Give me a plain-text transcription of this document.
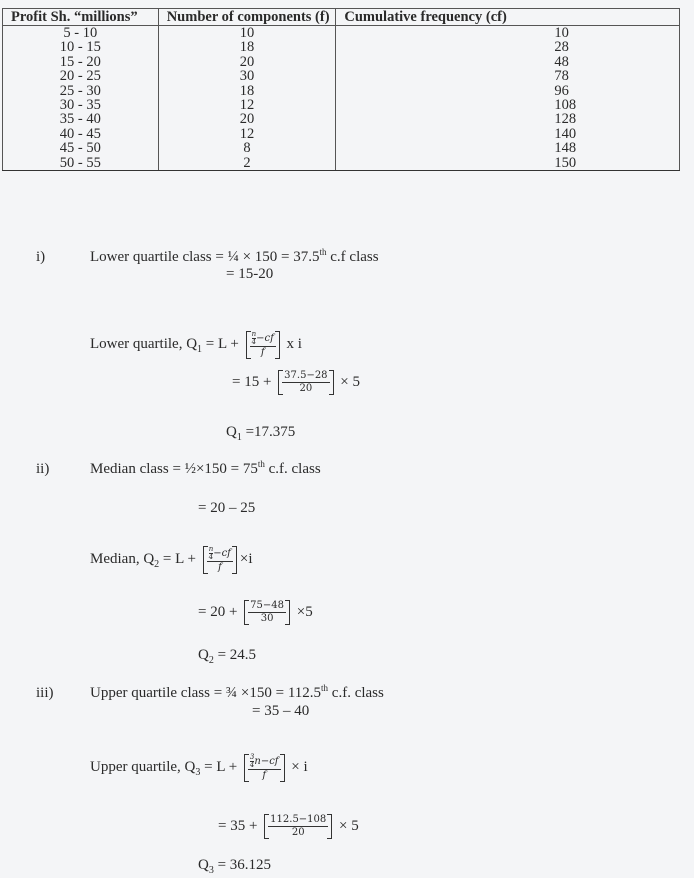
Profit Sh. “millions”	Number of components (f)	Cumulative frequency (cf)
5 - 10	10	10
10 - 15	18	28
15 - 20	20	48
20 - 25	30	78
25 - 30	18	96
30 - 35	12	108
35 - 40	20	128
40 - 45	12	140
45 - 50	8	148
50 - 55	2	150
i)	Lower quartile class = ¼ × 150 = 37.5th c.f class
= 15-20
Lower quartile, $Q_1 = L + \frac{\frac{n}{4} -cf}{f}$ x i
= $15 + \frac{37.5-28}{20} \times 5$
$Q_1 =17.375$
ii)	Median class = ½×150 = 75th c.f. class
= 20 – 25
Median, $Q_2 = L + \frac{\frac{n}{4} -cf}{f} \times i$
= $20 + \frac{75-48}{30} \times 5$
$Q_2 = 24.5$
iii) Upper quartile class = ¾ ×150 = 112.5th c.f. class
= 35 – 40
Upper quartile, $Q_3 = L + \frac{\frac{3}{4} n-cf}{f} \times i$
= $35 + \frac{112.5-108}{20} \times 5$
$Q_3 = 36.125$
